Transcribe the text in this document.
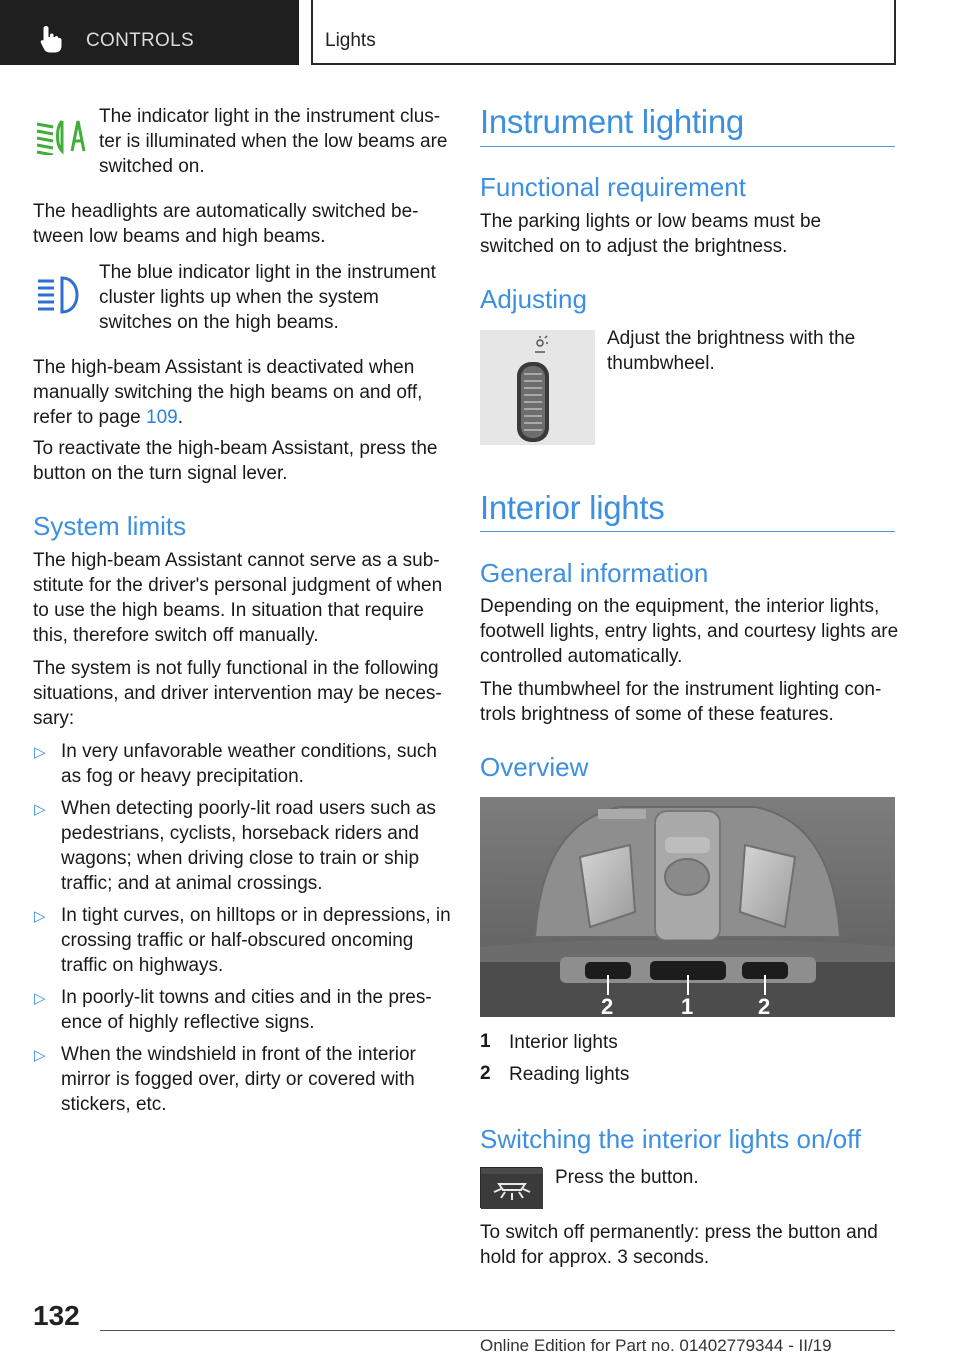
CONTROLS	Lights
The indicator light in the instrument clus-ter is illuminated when the low beams are switched on.
The headlights are automatically switched be-tween low beams and high beams.
The blue indicator light in the instrument cluster lights up when the system switches on the high beams.
The high-beam Assistant is deactivated when manually switching the high beams on and off, refer to page 109.
To reactivate the high-beam Assistant, press the button on the turn signal lever.
System limits
The high-beam Assistant cannot serve as a sub-stitute for the driver's personal judgment of when to use the high beams. In situation that require this, therefore switch off manually.
The system is not fully functional in the following situations, and driver intervention may be neces-sary:
▷ In very unfavorable weather conditions, such as fog or heavy precipitation.
▷ When detecting poorly-lit road users such as pedestrians, cyclists, horseback riders and wagons; when driving close to train or ship traffic; and at animal crossings.
▷ In tight curves, on hilltops or in depressions, in crossing traffic or half-obscured oncoming traffic on highways.
▷ In poorly-lit towns and cities and in the pres-ence of highly reflective signs.
▷ When the windshield in front of the interior mirror is fogged over, dirty or covered with stickers, etc.
Instrument lighting
Functional requirement
The parking lights or low beams must be switched on to adjust the brightness.
Adjusting
Adjust the brightness with the thumbwheel.
Interior lights
General information
Depending on the equipment, the interior lights, footwell lights, entry lights, and courtesy lights are controlled automatically.
The thumbwheel for the instrument lighting con-trols brightness of some of these features.
Overview
2	1	2
1 Interior lights
2 Reading lights
Switching the interior lights on/off
Press the button.
To switch off permanently: press the button and hold for approx. 3 seconds.
132
Online Edition for Part no. 01402779344 - II/19
